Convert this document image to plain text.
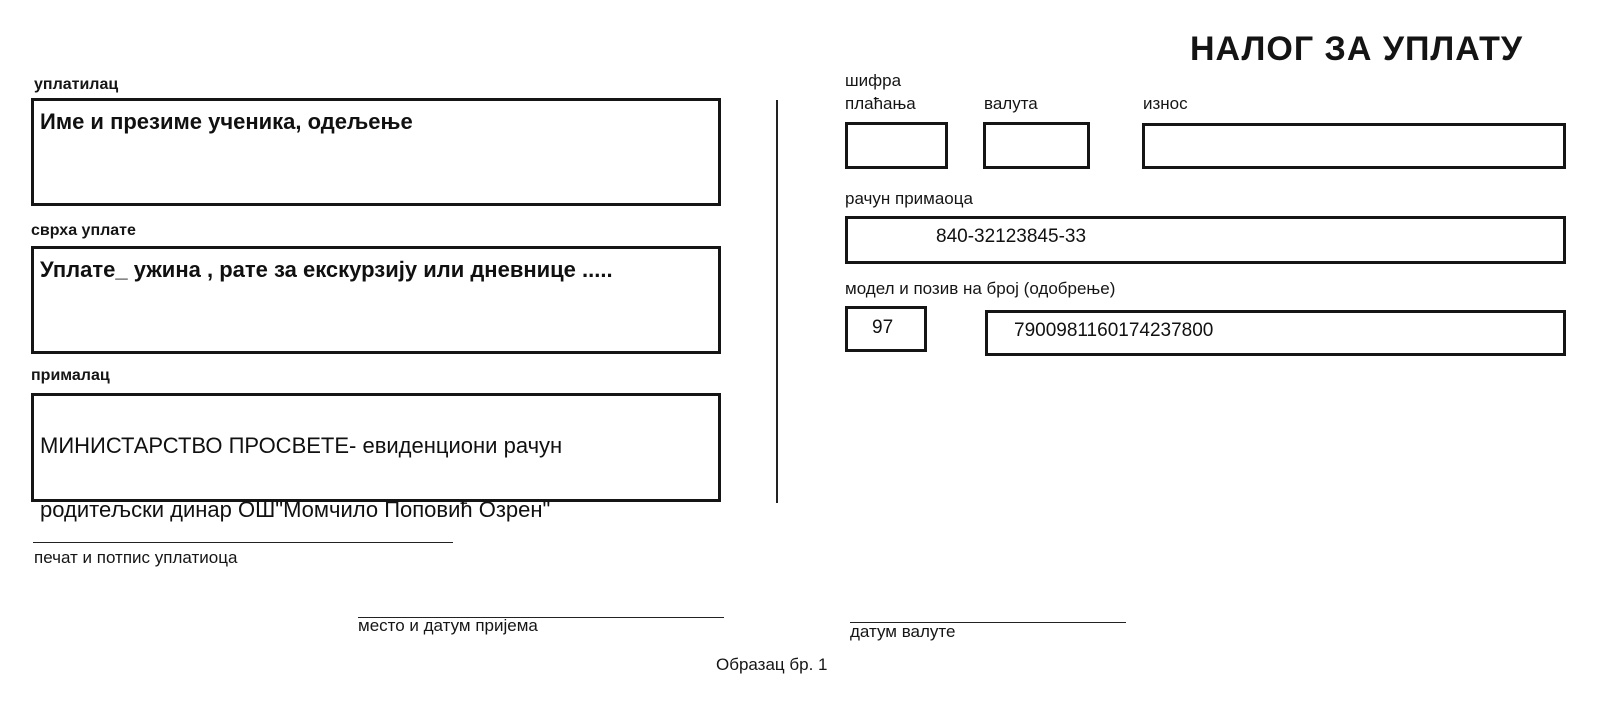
НАЛОГ ЗА УПЛАТУ
уплатилац
Име и презиме ученика, одељење
сврха уплате
Уплате_ ужина , рате за екскурзију или дневнице .....
прималац

МИНИСТАРСТВО ПРОСВЕТЕ- евиденциони рачун

родитељски динар ОШ"Момчило Поповић Озрен"

печат и потпис уплатиоца
место и датум пријема	датум валуте
шифра
плаћања	валута	износ
рачун примаоца
840-32123845-33
модел и позив на број (одобрење)
97	7900981160174237800
Образац бр. 1
